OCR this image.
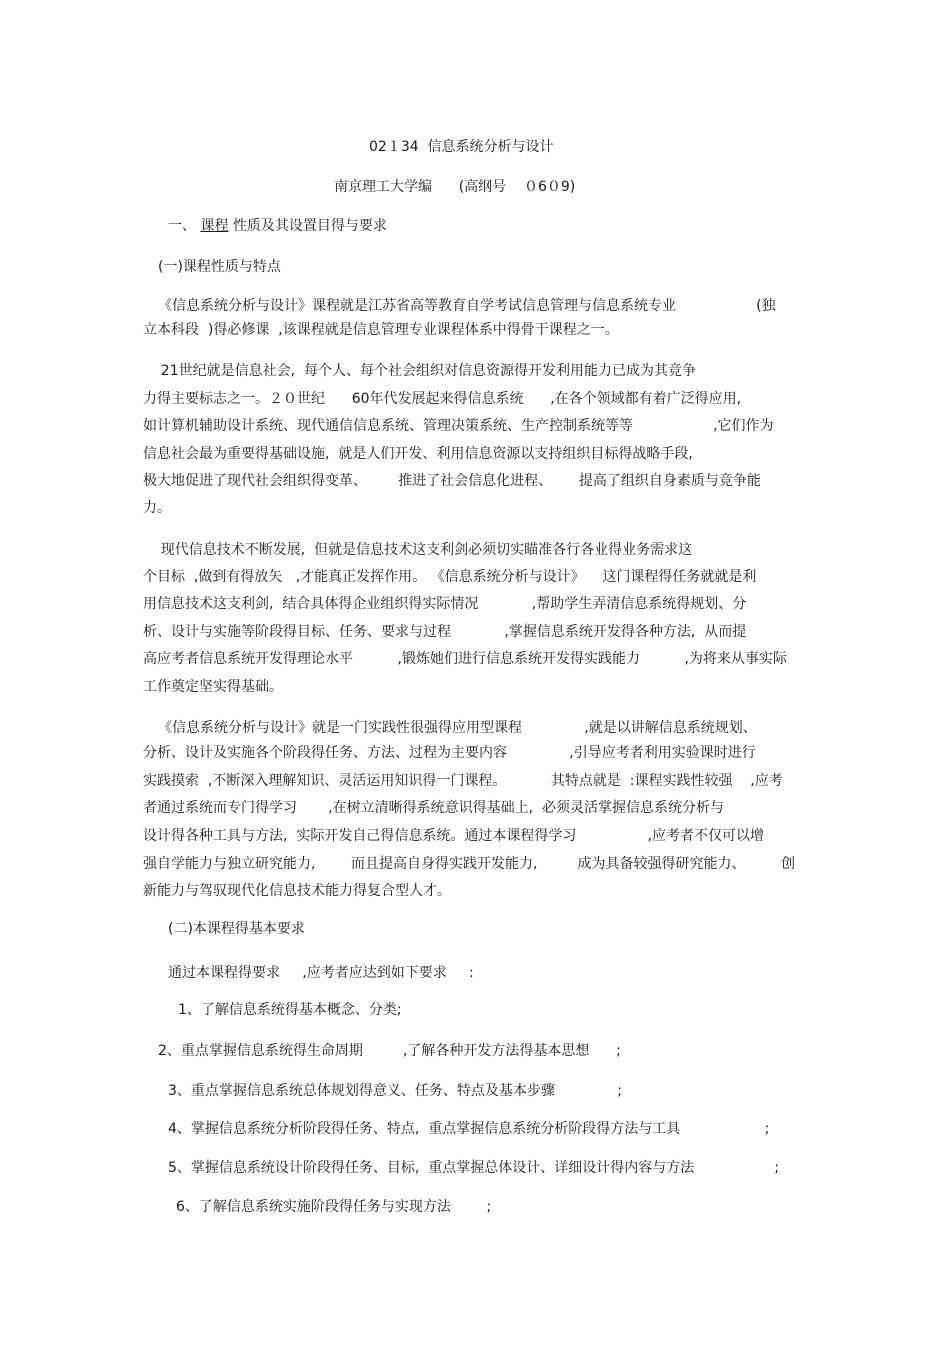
02１34  信息系统分析与设计
南京理工大学编      (高纲号    ０6０9)
一、 课程 性质及其设置目得与要求
(一)课程性质与特点
《信息系统分析与设计》课程就是江苏省高等教育自学考试信息管理与信息系统专业                  (独
立本科段  )得必修课  ,该课程就是信息管理专业课程体系中得骨干课程之一。
21世纪就是信息社会,  每个人、每个社会组织对信息资源得开发利用能力已成为其竞争
力得主要标志之一。２０世纪      60年代发展起来得信息系统      ,在各个领域都有着广泛得应用,
如计算机辅助设计系统、现代通信信息系统、管理决策系统、生产控制系统等等                  ,它们作为
信息社会最为重要得基础设施,  就是人们开发、利用信息资源以支持组织目标得战略手段,
极大地促进了现代社会组织得变革、       推进了社会信息化进程、      提高了组织自身素质与竞争能
力。
现代信息技术不断发展,  但就是信息技术这支利剑必须切实瞄准各行各业得业务需求这
个目标  ,做到有得放矢   ,才能真正发挥作用。 《信息系统分析与设计》    这门课程得任务就就是利
用信息技术这支利剑,  结合具体得企业组织得实际情况            ,帮助学生弄清信息系统得规划、分
析、设计与实施等阶段得目标、任务、要求与过程            ,掌握信息系统开发得各种方法,  从而提
高应考者信息系统开发得理论水平          ,锻炼她们进行信息系统开发得实践能力          ,为将来从事实际
工作奠定坚实得基础。
《信息系统分析与设计》就是一门实践性很强得应用型课程              ,就是以讲解信息系统规划、
分析、设计及实施各个阶段得任务、方法、过程为主要内容              ,引导应考者利用实验课时进行
实践摸索  ,不断深入理解知识、灵活运用知识得一门课程。          其特点就是  :课程实践性较强    ,应考
者通过系统而专门得学习       ,在树立清晰得系统意识得基础上,  必须灵活掌握信息系统分析与
设计得各种工具与方法,  实际开发自己得信息系统。通过本课程得学习                ,应考者不仅可以增
强自学能力与独立研究能力,        而且提高自身得实践开发能力,         成为具备较强得研究能力、        创
新能力与驾驭现代化信息技术能力得复合型人才。
(二)本课程得基本要求
通过本课程得要求     ,应考者应达到如下要求     :
1、了解信息系统得基本概念、分类;
2、重点掌握信息系统得生命周期         ,了解各种开发方法得基本思想      ;
3、重点掌握信息系统总体规划得意义、任务、特点及基本步骤              ;
4、掌握信息系统分析阶段得任务、特点,  重点掌握信息系统分析阶段得方法与工具                   ;
5、掌握信息系统设计阶段得任务、目标,  重点掌握总体设计、详细设计得内容与方法                  ;
6、了解信息系统实施阶段得任务与实现方法        ;
